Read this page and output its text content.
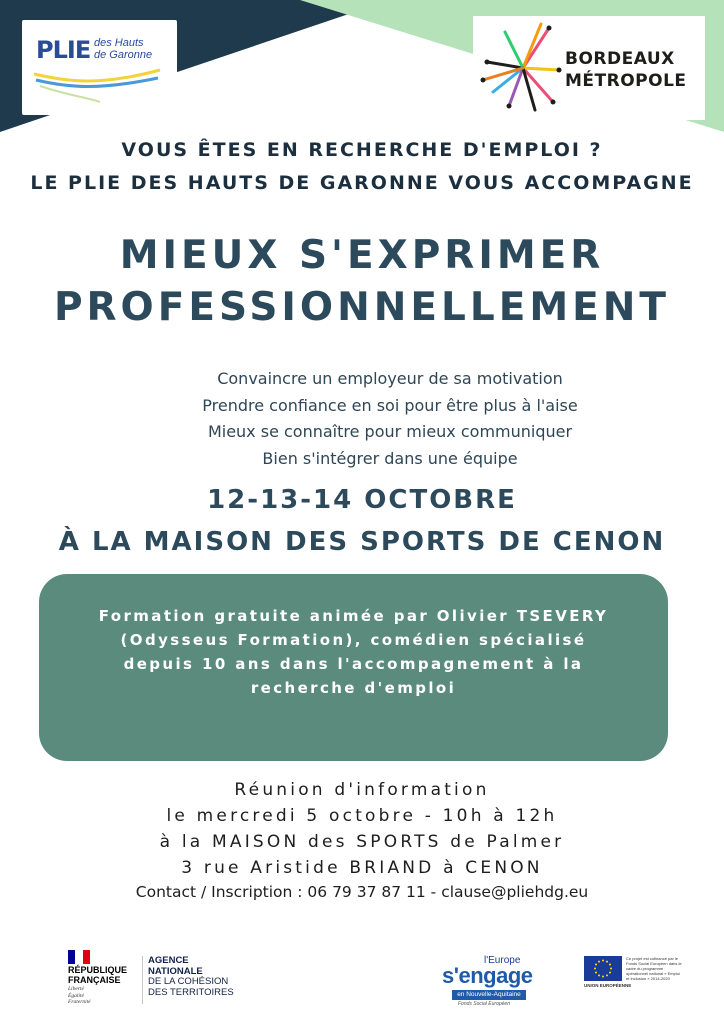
PLIE des Hauts
de Garonne	BORDEAUX
MÉTROPOLE
VOUS ÊTES EN RECHERCHE D'EMPLOI ?
LE PLIE DES HAUTS DE GARONNE VOUS ACCOMPAGNE
MIEUX S'EXPRIMER
PROFESSIONNELLEMENT
Convaincre un employeur de sa motivation
Prendre confiance en soi pour être plus à l'aise
Mieux se connaître pour mieux communiquer
Bien s'intégrer dans une équipe
12-13-14 OCTOBRE
À LA MAISON DES SPORTS DE CENON
Formation gratuite animée par Olivier TSEVERY
(Odysseus Formation), comédien spécialisé
depuis 10 ans dans l'accompagnement à la
recherche d'emploi
Réunion d'information
le mercredi 5 octobre - 10h à 12h
à la MAISON des SPORTS de Palmer
3 rue Aristide BRIAND à CENON
Contact / Inscription : 06 79 37 87 11 - clause@pliehdg.eu
RÉPUBLIQUE
FRANÇAISE
Liberté
Égalité
Fraternité
AGENCE
NATIONALE
DE LA COHÉSION
DES TERRITOIRES
l'Europe
s'engage
en Nouvelle-Aquitaine
Fonds Social Européen
UNION EUROPÉENNE
Ce projet est cofinancé par le Fonds Social Européen dans le cadre du programme opérationnel national « Emploi et Inclusion » 2014-2020
